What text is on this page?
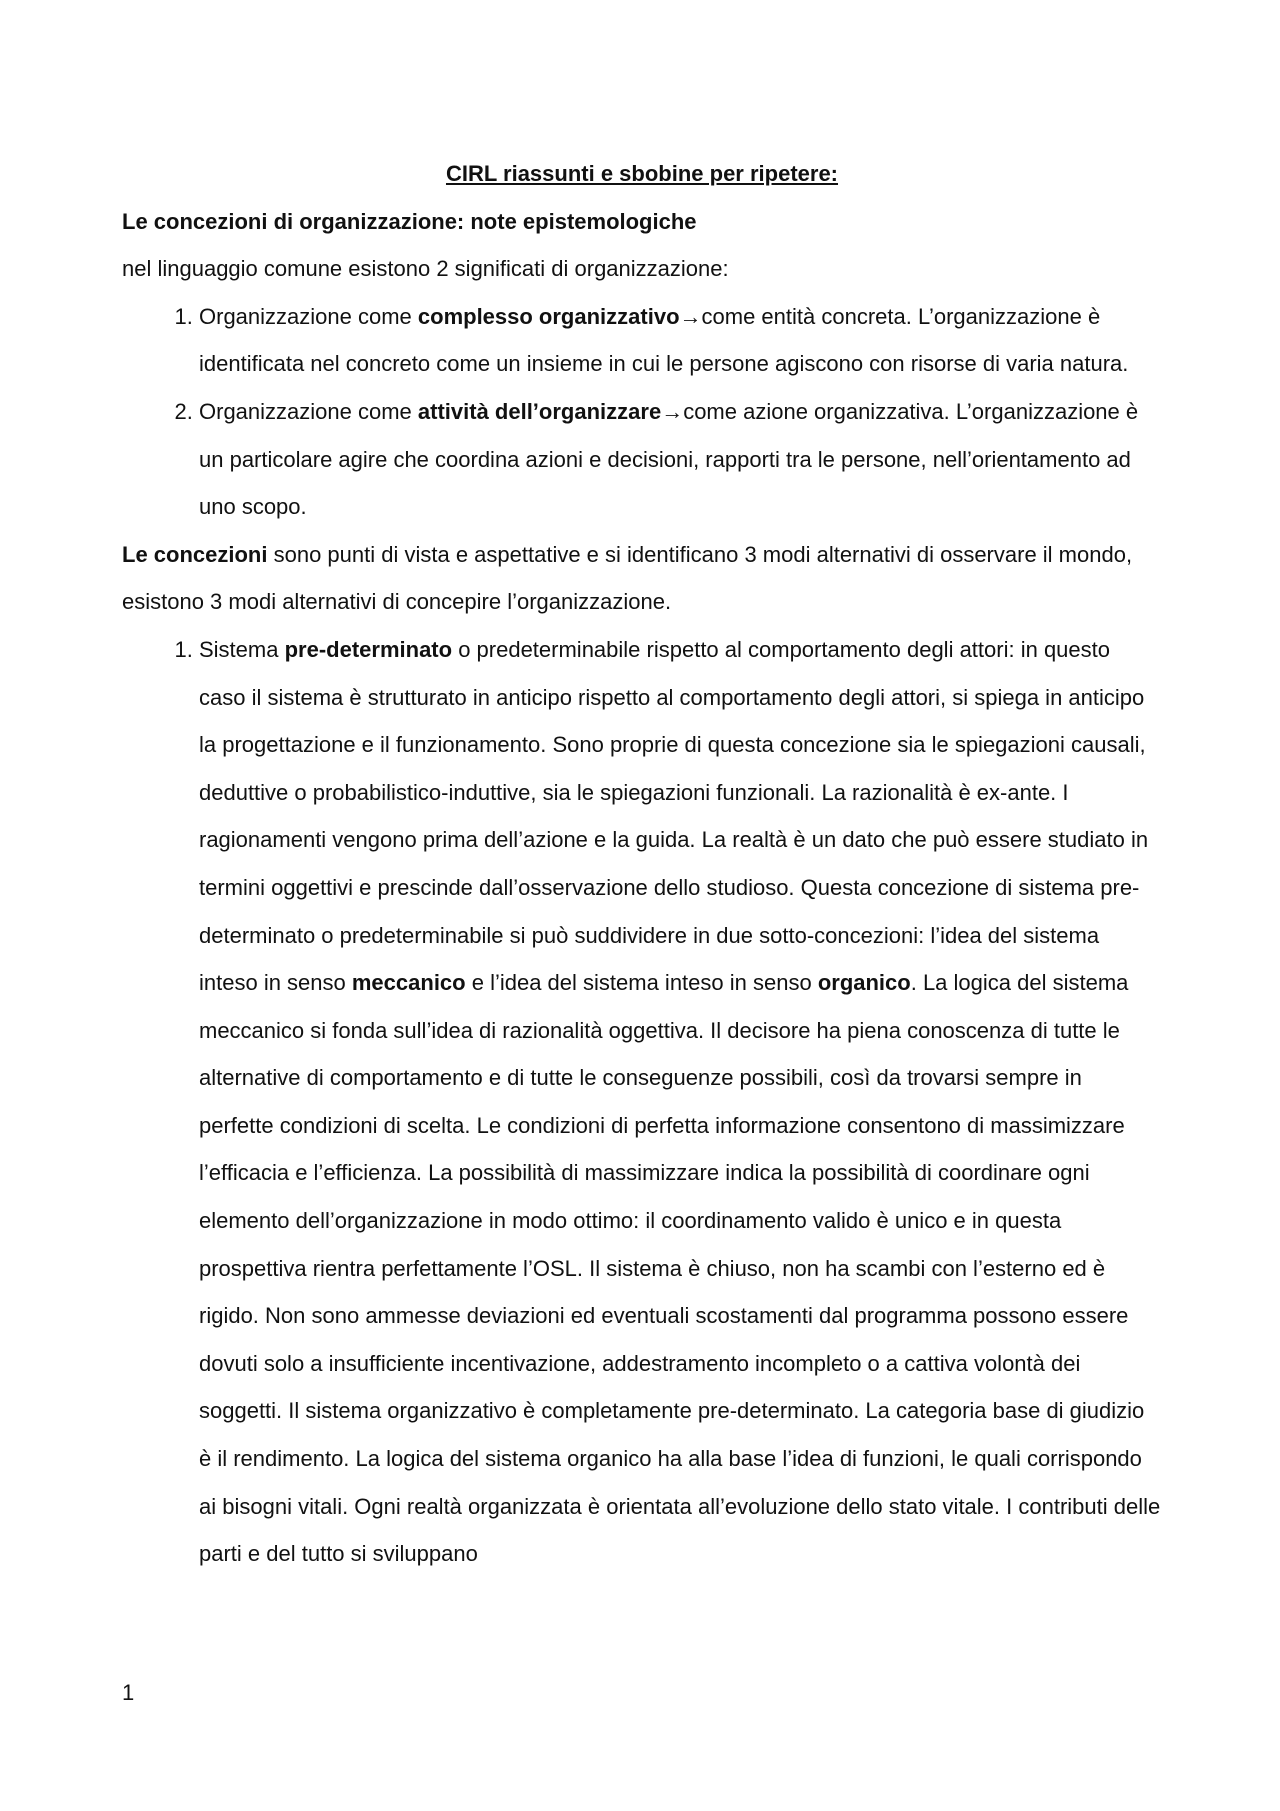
CIRL riassunti e sbobine per ripetere:

Le concezioni di organizzazione: note epistemologiche

nel linguaggio comune esistono 2 significati di organizzazione:

1. Organizzazione come complesso organizzativo→come entità concreta. L’organizzazione è identificata nel concreto come un insieme in cui le persone agiscono con risorse di varia natura.
2. Organizzazione come attività dell’organizzare→come azione organizzativa. L’organizzazione è un particolare agire che coordina azioni e decisioni, rapporti tra le persone, nell’orientamento ad uno scopo.

Le concezioni sono punti di vista e aspettative e si identificano 3 modi alternativi di osservare il mondo, esistono 3 modi alternativi di concepire l’organizzazione.

1. Sistema pre-determinato o predeterminabile rispetto al comportamento degli attori: in questo caso il sistema è strutturato in anticipo rispetto al comportamento degli attori, si spiega in anticipo la progettazione e il funzionamento. Sono proprie di questa concezione sia le spiegazioni causali, deduttive o probabilistico-induttive, sia le spiegazioni funzionali. La razionalità è ex-ante. I ragionamenti vengono prima dell’azione e la guida. La realtà è un dato che può essere studiato in termini oggettivi e prescinde dall’osservazione dello studioso. Questa concezione di sistema pre-determinato o predeterminabile si può suddividere in due sotto-concezioni: l’idea del sistema inteso in senso meccanico e l’idea del sistema inteso in senso organico. La logica del sistema meccanico si fonda sull’idea di razionalità oggettiva. Il decisore ha piena conoscenza di tutte le alternative di comportamento e di tutte le conseguenze possibili, così da trovarsi sempre in perfette condizioni di scelta. Le condizioni di perfetta informazione consentono di massimizzare l’efficacia e l’efficienza. La possibilità di massimizzare indica la possibilità di coordinare ogni elemento dell’organizzazione in modo ottimo: il coordinamento valido è unico e in questa prospettiva rientra perfettamente l’OSL. Il sistema è chiuso, non ha scambi con l’esterno ed è rigido. Non sono ammesse deviazioni ed eventuali scostamenti dal programma possono essere dovuti solo a insufficiente incentivazione, addestramento incompleto o a cattiva volontà dei soggetti. Il sistema organizzativo è completamente pre-determinato. La categoria base di giudizio è il rendimento. La logica del sistema organico ha alla base l’idea di funzioni, le quali corrispondo ai bisogni vitali. Ogni realtà organizzata è orientata all’evoluzione dello stato vitale. I contributi delle parti e del tutto si sviluppano
1
